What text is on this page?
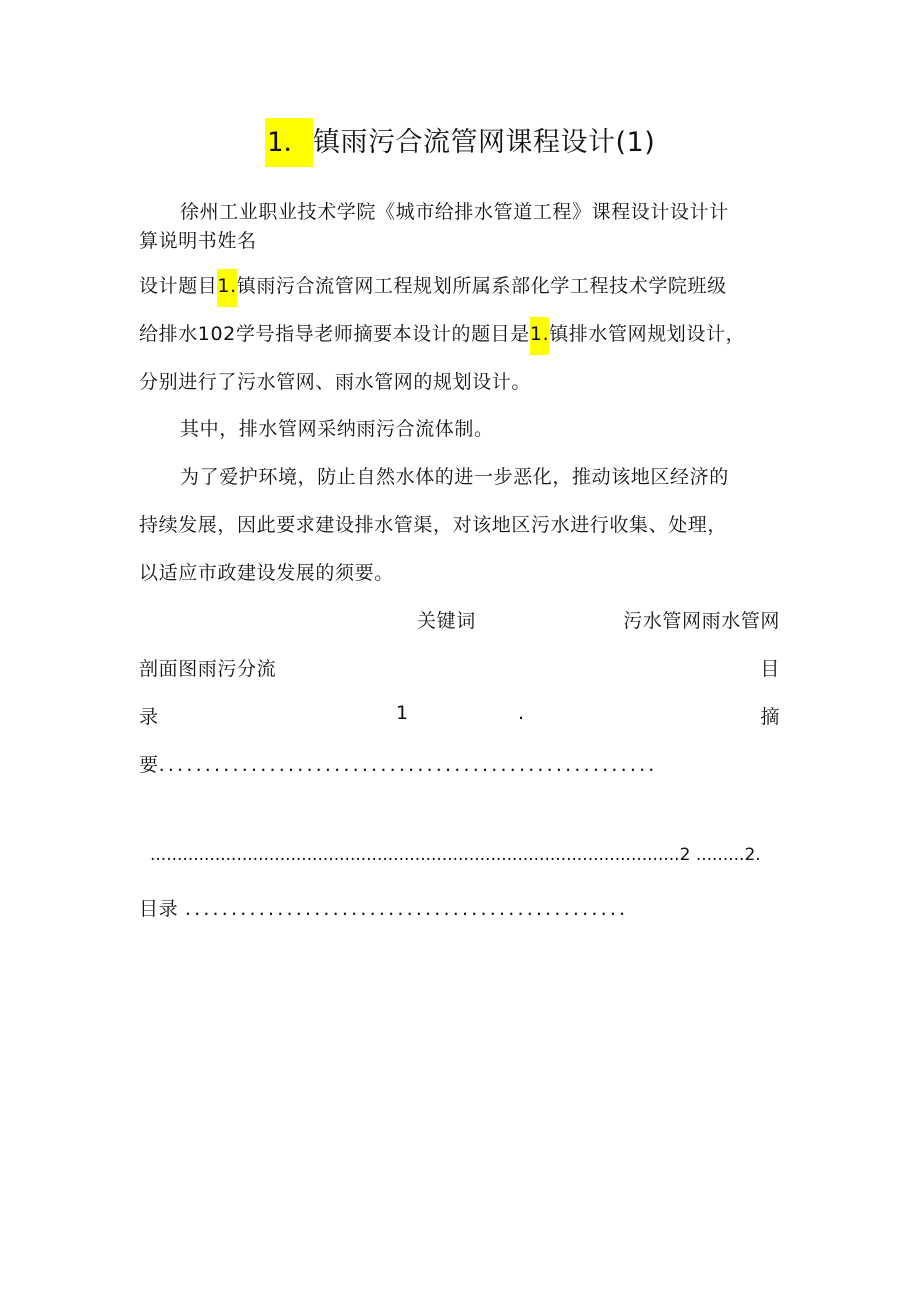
1．镇雨污合流管网课程设计(1)
徐州工业职业技术学院《城市给排水管道工程》课程设计设计计
算说明书姓名
设计题目1.镇雨污合流管网工程规划所属系部化学工程技术学院班级
给排水102学号指导老师摘要本设计的题目是1.镇排水管网规划设计，
分别进行了污水管网、雨水管网的规划设计。
其中，排水管网采纳雨污合流体制。
为了爱护环境，防止自然水体的进一步恶化，推动该地区经济的
持续发展，因此要求建设排水管渠，对该地区污水进行收集、处理，
以适应市政建设发展的须要。
关键词	污水管网雨水管网
剖面图雨污分流	目
录	1	.	摘
要......................................................
..................................................................................................2 .........2.
目录 ................................................
